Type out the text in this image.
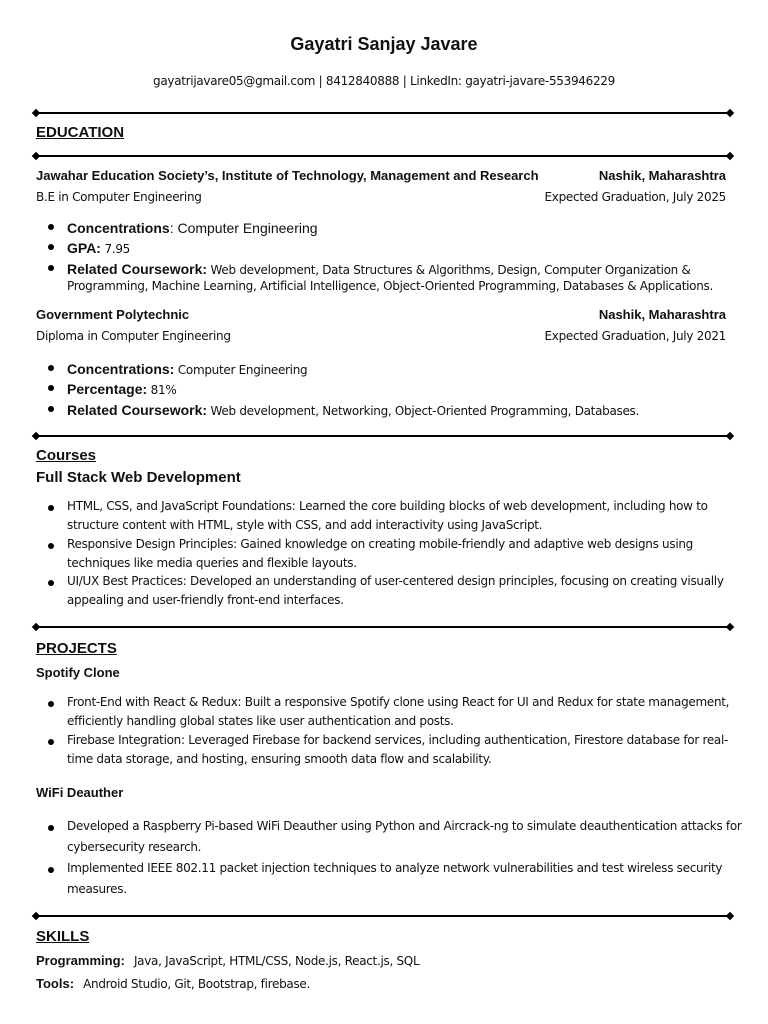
Gayatri Sanjay Javare
gayatrijavare05@gmail.com | 8412840888 | LinkedIn: gayatri-javare-553946229
EDUCATION
Jawahar Education Society’s, Institute of Technology, Management and Research	Nashik, Maharashtra
B.E in Computer Engineering	Expected Graduation, July 2025
Concentrations: Computer Engineering
GPA: 7.95
Related Coursework: Web development, Data Structures & Algorithms, Design, Computer Organization &
Programming, Machine Learning, Artificial Intelligence, Object-Oriented Programming, Databases & Applications.
Government Polytechnic	Nashik, Maharashtra
Diploma in Computer Engineering	Expected Graduation, July 2021
Concentrations: Computer Engineering
Percentage: 81%
Related Coursework: Web development, Networking, Object-Oriented Programming, Databases.
Courses
Full Stack Web Development
HTML, CSS, and JavaScript Foundations: Learned the core building blocks of web development, including how to
structure content with HTML, style with CSS, and add interactivity using JavaScript.
Responsive Design Principles: Gained knowledge on creating mobile-friendly and adaptive web designs using
techniques like media queries and flexible layouts.
UI/UX Best Practices: Developed an understanding of user-centered design principles, focusing on creating visually
appealing and user-friendly front-end interfaces.
PROJECTS
Spotify Clone
Front-End with React & Redux: Built a responsive Spotify clone using React for UI and Redux for state management,
efficiently handling global states like user authentication and posts.
Firebase Integration: Leveraged Firebase for backend services, including authentication, Firestore database for real-
time data storage, and hosting, ensuring smooth data flow and scalability.
WiFi Deauther
Developed a Raspberry Pi-based WiFi Deauther using Python and Aircrack-ng to simulate deauthentication attacks for
cybersecurity research.
Implemented IEEE 802.11 packet injection techniques to analyze network vulnerabilities and test wireless security
measures.
SKILLS
Programming: Java, JavaScript, HTML/CSS, Node.js, React.js, SQL
Tools: Android Studio, Git, Bootstrap, firebase.
